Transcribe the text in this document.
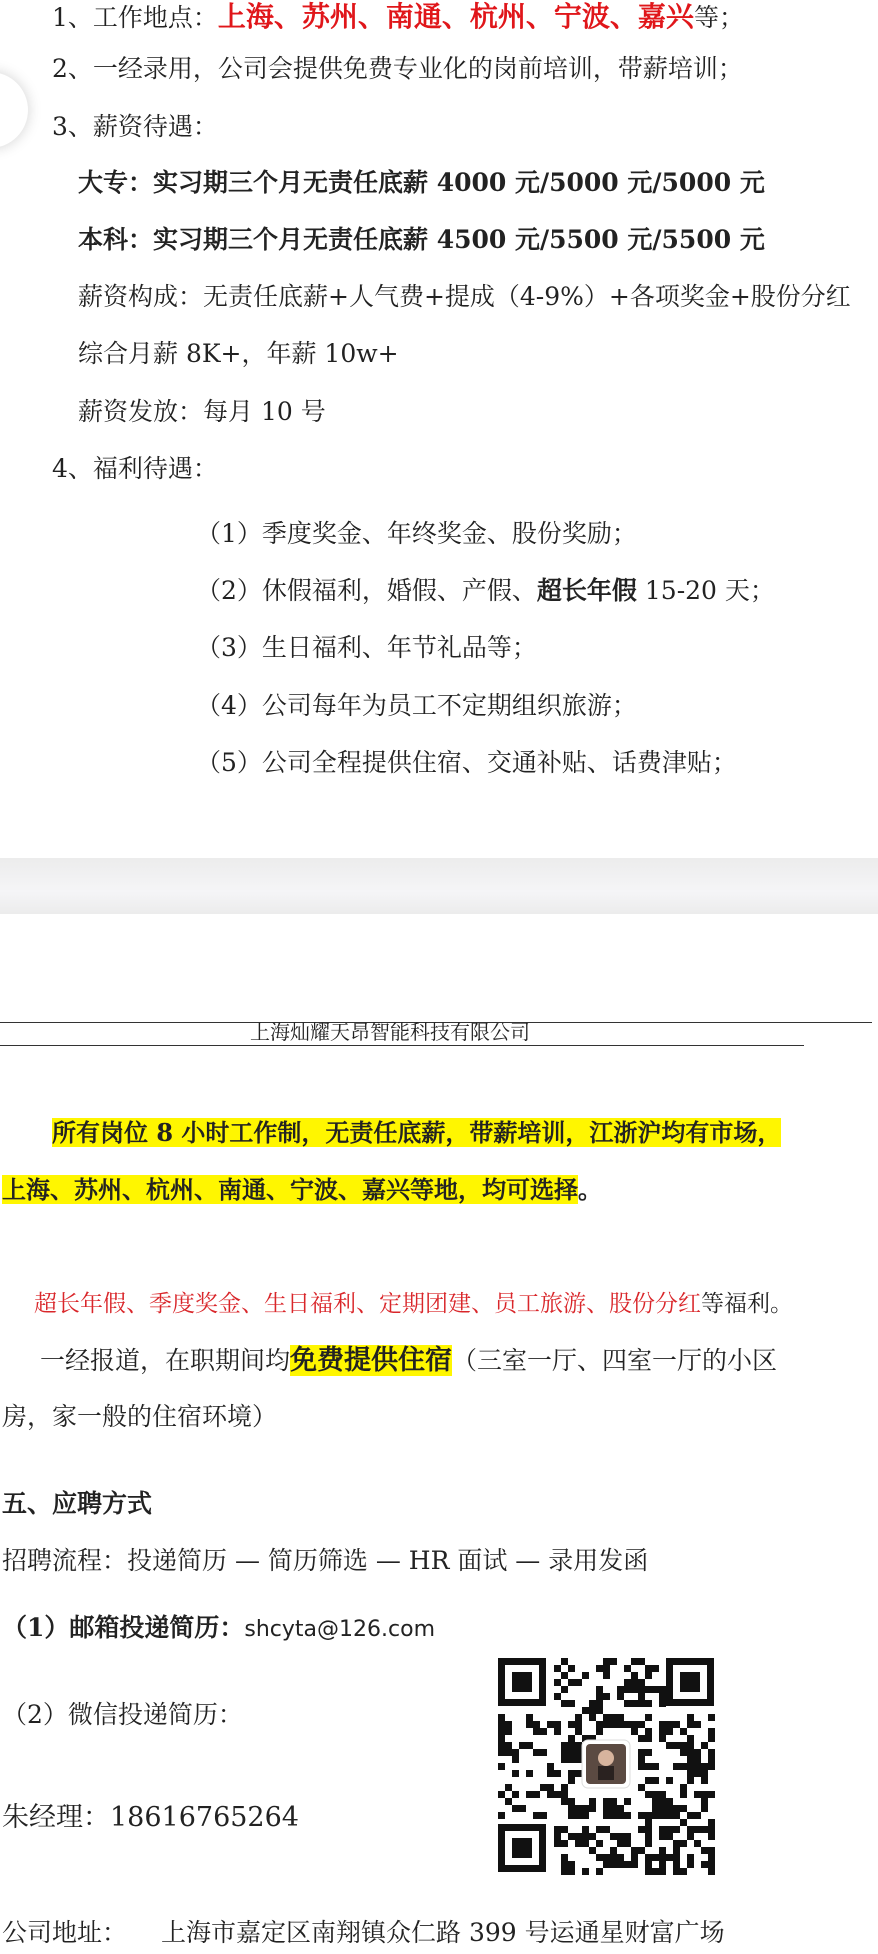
1、工作地点：上海、苏州、南通、杭州、宁波、嘉兴等；
2、一经录用，公司会提供免费专业化的岗前培训，带薪培训；
3、薪资待遇：
大专：实习期三个月无责任底薪 4000 元/5000 元/5000 元
本科：实习期三个月无责任底薪 4500 元/5500 元/5500 元
薪资构成：无责任底薪+人气费+提成（4-9%）+各项奖金+股份分红
综合月薪 8K+，年薪 10w+
薪资发放：每月 10 号
4、福利待遇：
（1）季度奖金、年终奖金、股份奖励；
（2）休假福利，婚假、产假、超长年假 15-20 天；
（3）生日福利、年节礼品等；
（4）公司每年为员工不定期组织旅游；
（5）公司全程提供住宿、交通补贴、话费津贴；
上海灿耀天昂智能科技有限公司
所有岗位 8 小时工作制，无责任底薪，带薪培训，江浙沪均有市场，
上海、苏州、杭州、南通、宁波、嘉兴等地，均可选择。
超长年假、季度奖金、生日福利、定期团建、员工旅游、股份分红等福利。
一经报道，在职期间均免费提供住宿（三室一厅、四室一厅的小区
房，家一般的住宿环境）
五、应聘方式
招聘流程：投递简历 — 简历筛选 — HR 面试 — 录用发函
（1）邮箱投递简历：shcyta@126.com
（2）微信投递简历：
朱经理：18616765264
公司地址： 上海市嘉定区南翔镇众仁路 399 号运通星财富广场
